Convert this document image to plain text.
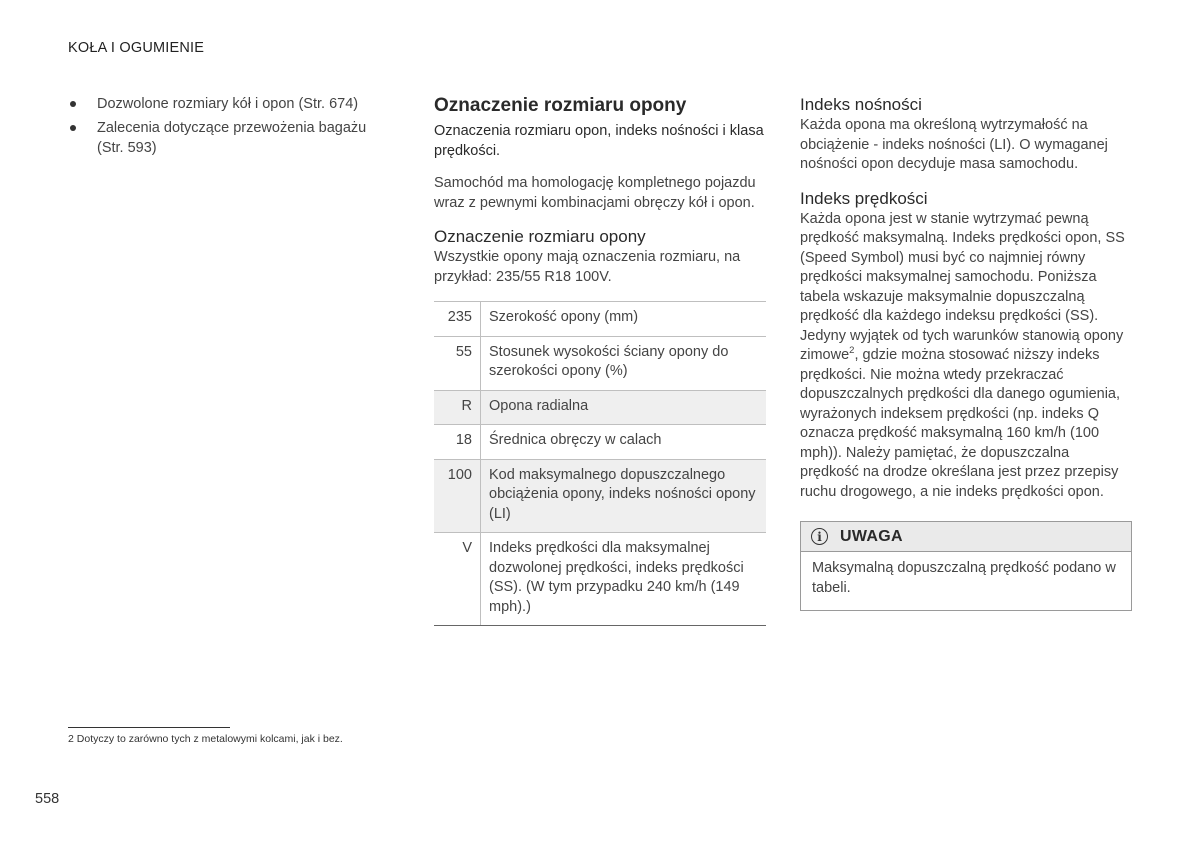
KOŁA I OGUMIENIE
Dozwolone rozmiary kół i opon (Str. 674)
Zalecenia dotyczące przewożenia bagażu (Str. 593)
Oznaczenie rozmiaru opony

Oznaczenia rozmiaru opon, indeks nośności i klasa prędkości.

Samochód ma homologację kompletnego pojazdu wraz z pewnymi kombinacjami obręczy kół i opon.

Oznaczenie rozmiaru opony

Wszystkie opony mają oznaczenia rozmiaru, na przykład: 235/55 R18 100V.

235	Szerokość opony (mm)
55	Stosunek wysokości ściany opony do szerokości opony (%)
R	Opona radialna
18	Średnica obręczy w calach
100	Kod maksymalnego dopuszczalnego obciążenia opony, indeks nośności opony (LI)
V	Indeks prędkości dla maksymalnej dozwolonej prędkości, indeks prędkości (SS). (W tym przypadku 240 km/h (149 mph).)
Indeks nośności

Każda opona ma określoną wytrzymałość na obciążenie - indeks nośności (LI). O wymaganej nośności opon decyduje masa samochodu.

Indeks prędkości

Każda opona jest w stanie wytrzymać pewną prędkość maksymalną. Indeks prędkości opon, SS (Speed Symbol) musi być co najmniej równy prędkości maksymalnej samochodu. Poniższa tabela wskazuje maksymalnie dopuszczalną prędkość dla każdego indeksu prędkości (SS). Jedyny wyjątek od tych warunków stanowią opony zimowe$^2$, gdzie można stosować niższy indeks prędkości. Nie można wtedy przekraczać dopuszczalnych prędkości dla danego ogumienia, wyrażonych indeksem prędkości (np. indeks Q oznacza prędkość maksymalną 160 km/h (100 mph)). Należy pamiętać, że dopuszczalna prędkość na drodze określana jest przez przepisy ruchu drogowego, a nie indeks prędkości opon.

i	UWAGA
Maksymalną dopuszczalną prędkość podano w tabeli.
2 Dotyczy to zarówno tych z metalowymi kolcami, jak i bez.
558
